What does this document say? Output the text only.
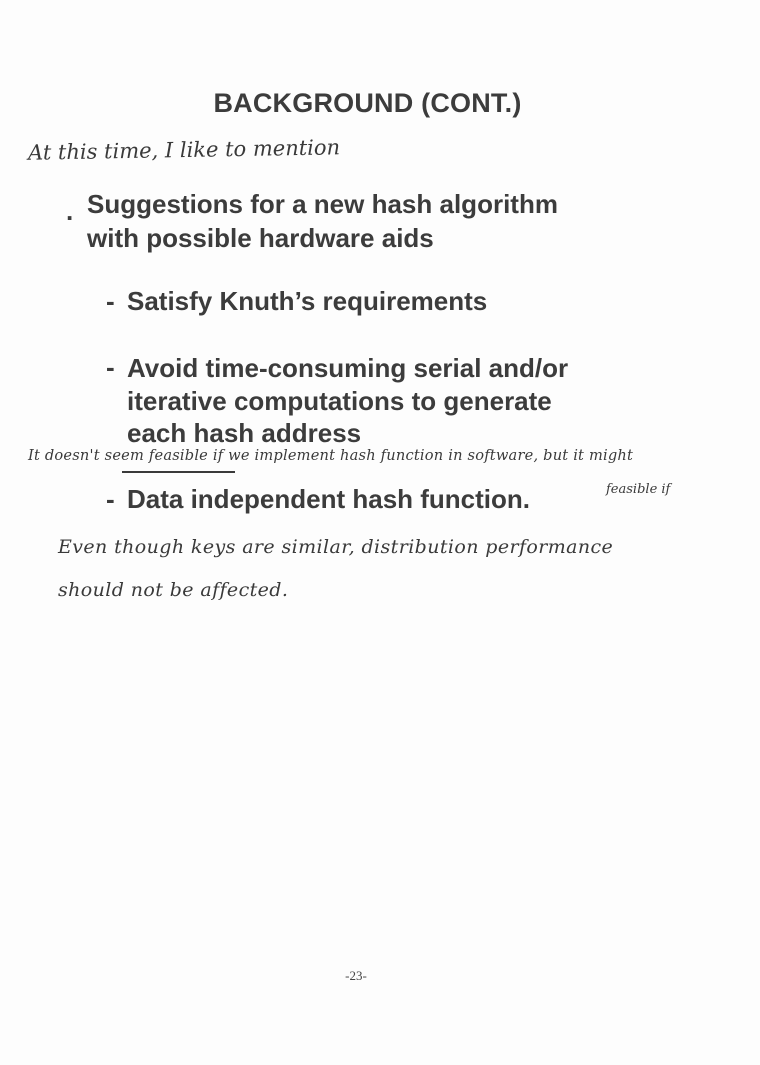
BACKGROUND (CONT.)
At this time, I like to mention
. Suggestions for a new hash algorithm
with possible hardware aids
- Satisfy Knuth’s requirements
- Avoid time-consuming serial and/or
iterative computations to generate
each hash address
It doesn't seem feasible if we implement hash function in software, but it might
- Data independent hash function.	feasible if
Even though keys are similar, distribution performance
should not be affected.
-23-
